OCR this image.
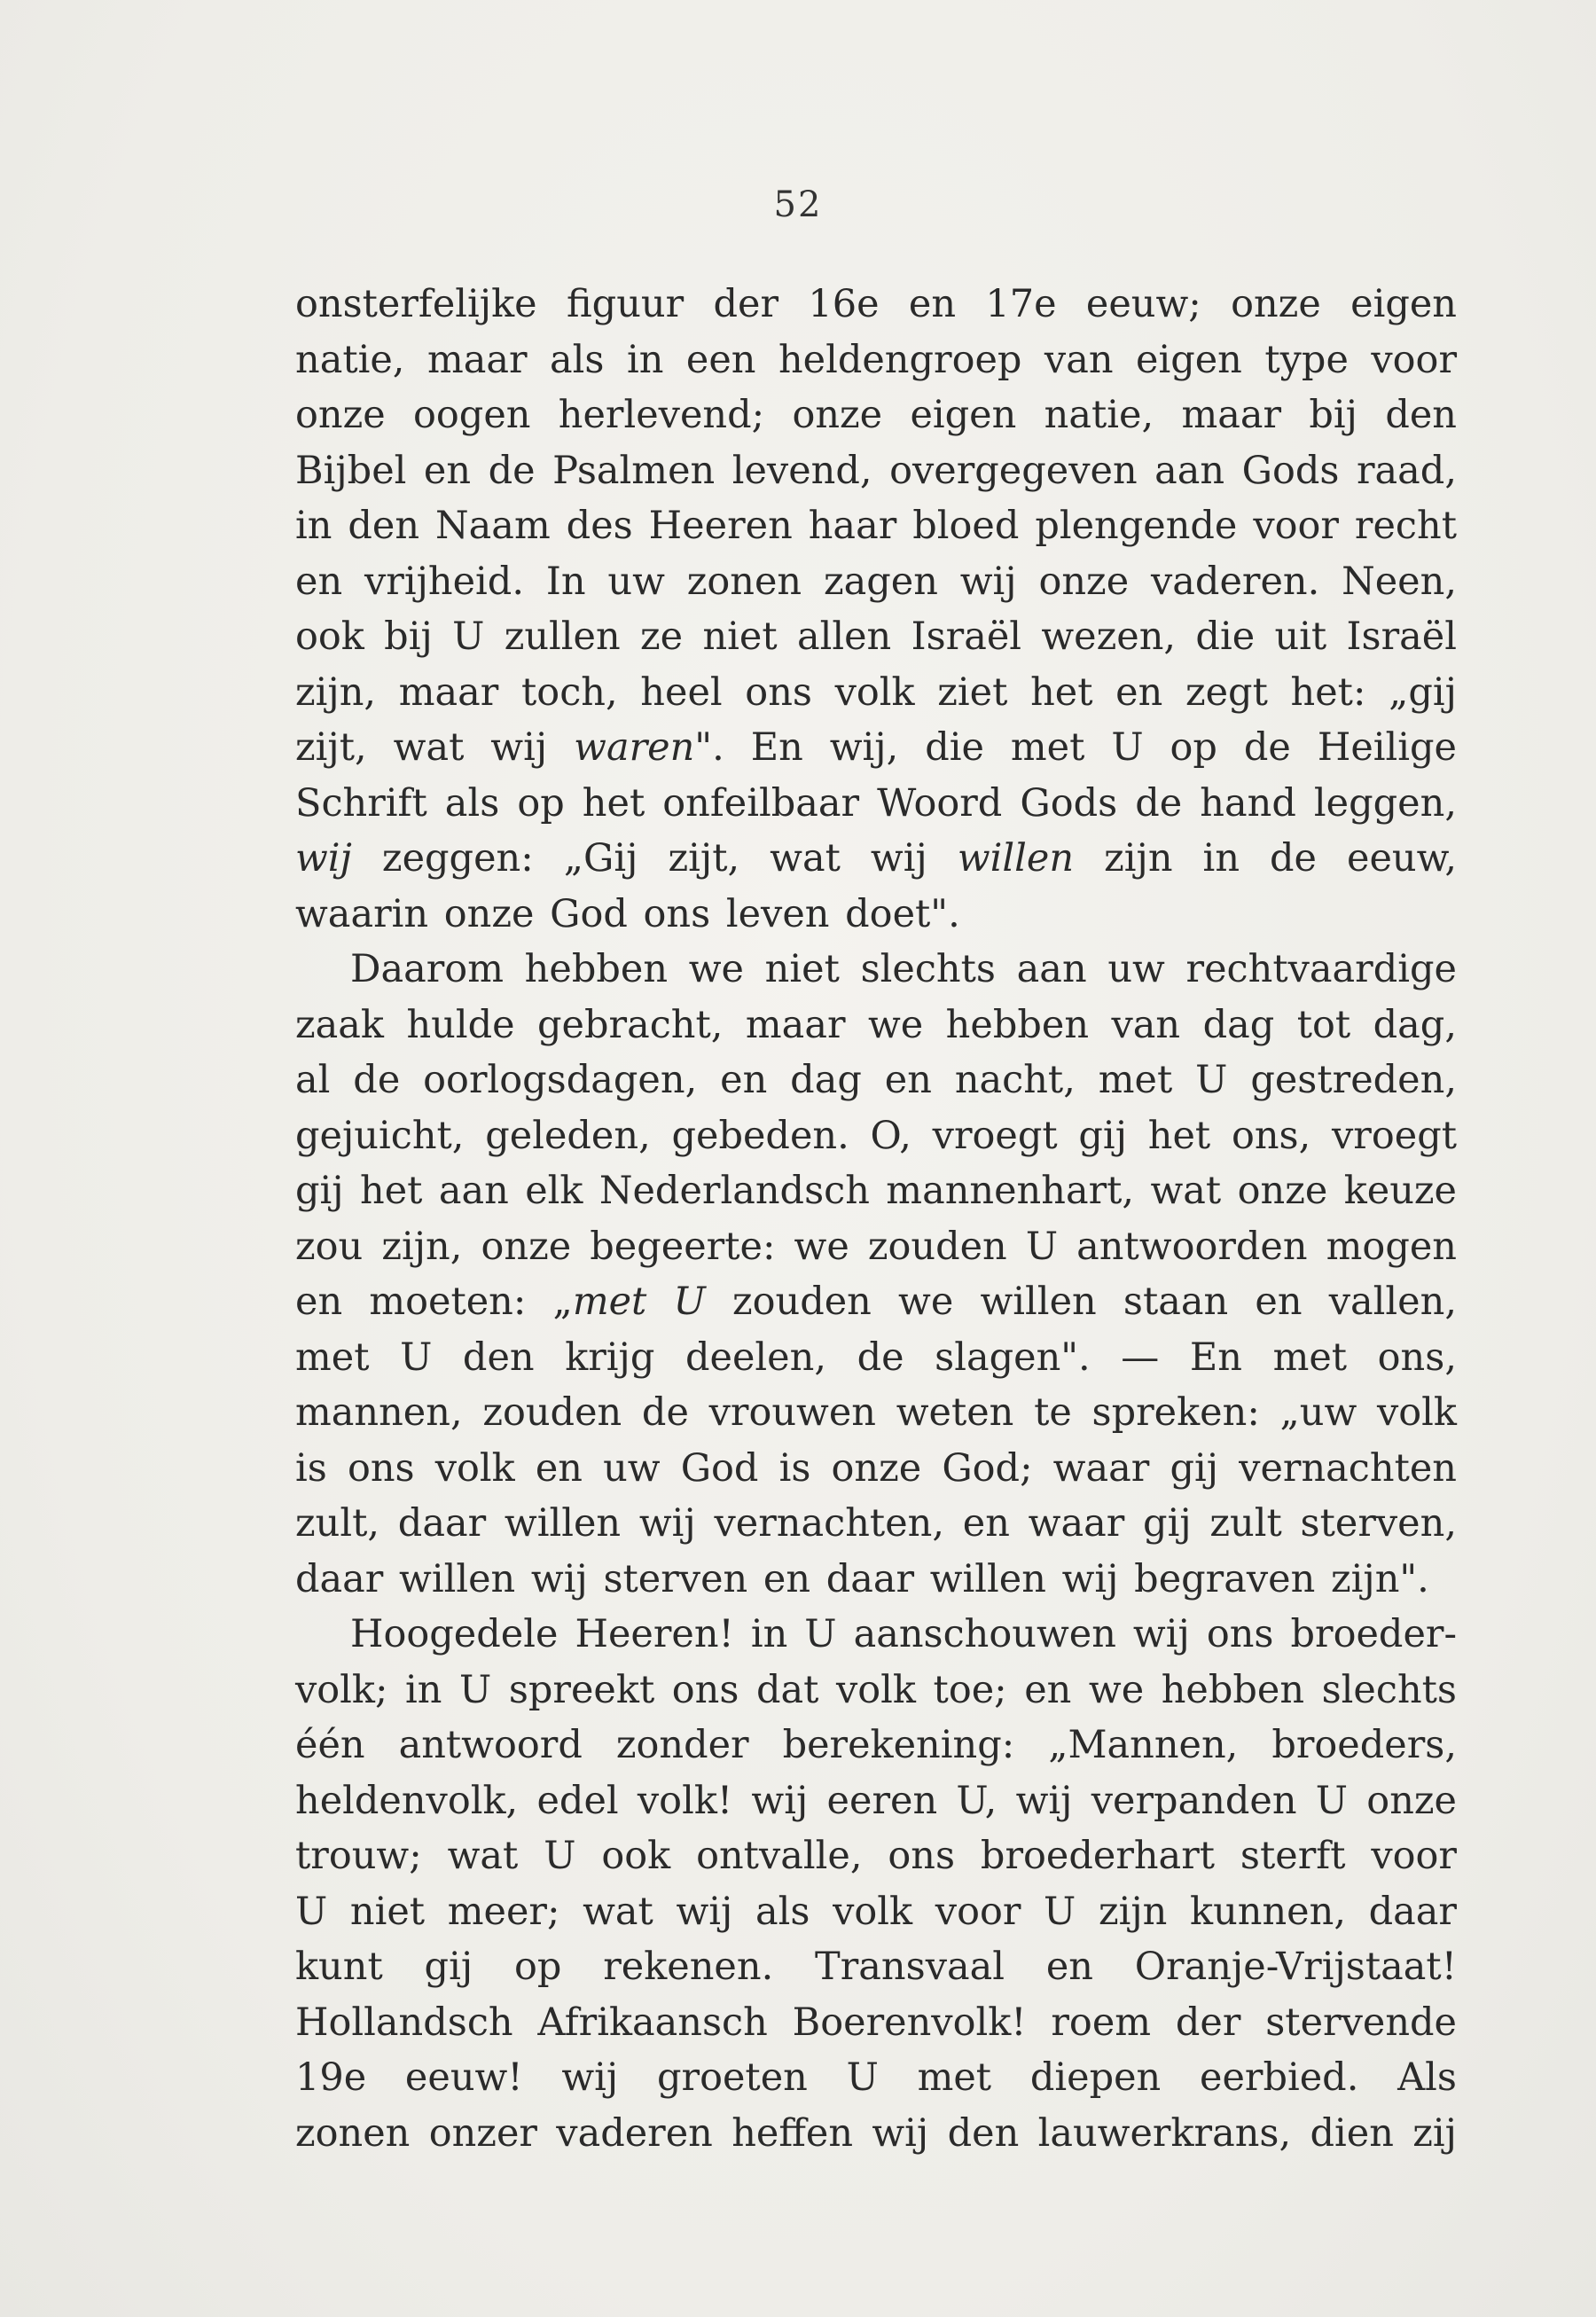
52
onsterfelijke figuur der 16e en 17e eeuw; onze eigen
natie, maar als in een heldengroep van eigen type voor
onze oogen herlevend; onze eigen natie, maar bij den
Bijbel en de Psalmen levend, overgegeven aan Gods raad,
in den Naam des Heeren haar bloed plengende voor recht
en vrijheid. In uw zonen zagen wij onze vaderen. Neen,
ook bij U zullen ze niet allen Israël wezen, die uit Israël
zijn, maar toch, heel ons volk ziet het en zegt het: „gij
zijt, wat wij waren". En wij, die met U op de Heilige
Schrift als op het onfeilbaar Woord Gods de hand leggen,
wij zeggen: „Gij zijt, wat wij willen zijn in de eeuw,
waarin onze God ons leven doet".
Daarom hebben we niet slechts aan uw rechtvaardige
zaak hulde gebracht, maar we hebben van dag tot dag,
al de oorlogsdagen, en dag en nacht, met U gestreden,
gejuicht, geleden, gebeden. O, vroegt gij het ons, vroegt
gij het aan elk Nederlandsch mannenhart, wat onze keuze
zou zijn, onze begeerte: we zouden U antwoorden mogen
en moeten: „met U zouden we willen staan en vallen,
met U den krijg deelen, de slagen". — En met ons,
mannen, zouden de vrouwen weten te spreken: „uw volk
is ons volk en uw God is onze God; waar gij vernachten
zult, daar willen wij vernachten, en waar gij zult sterven,
daar willen wij sterven en daar willen wij begraven zijn".
Hoogedele Heeren! in U aanschouwen wij ons broeder-
volk; in U spreekt ons dat volk toe; en we hebben slechts
één antwoord zonder berekening: „Mannen, broeders,
heldenvolk, edel volk! wij eeren U, wij verpanden U onze
trouw; wat U ook ontvalle, ons broederhart sterft voor
U niet meer; wat wij als volk voor U zijn kunnen, daar
kunt gij op rekenen. Transvaal en Oranje-Vrijstaat!
Hollandsch Afrikaansch Boerenvolk! roem der stervende
19e eeuw! wij groeten U met diepen eerbied. Als
zonen onzer vaderen heffen wij den lauwerkrans, dien zij
